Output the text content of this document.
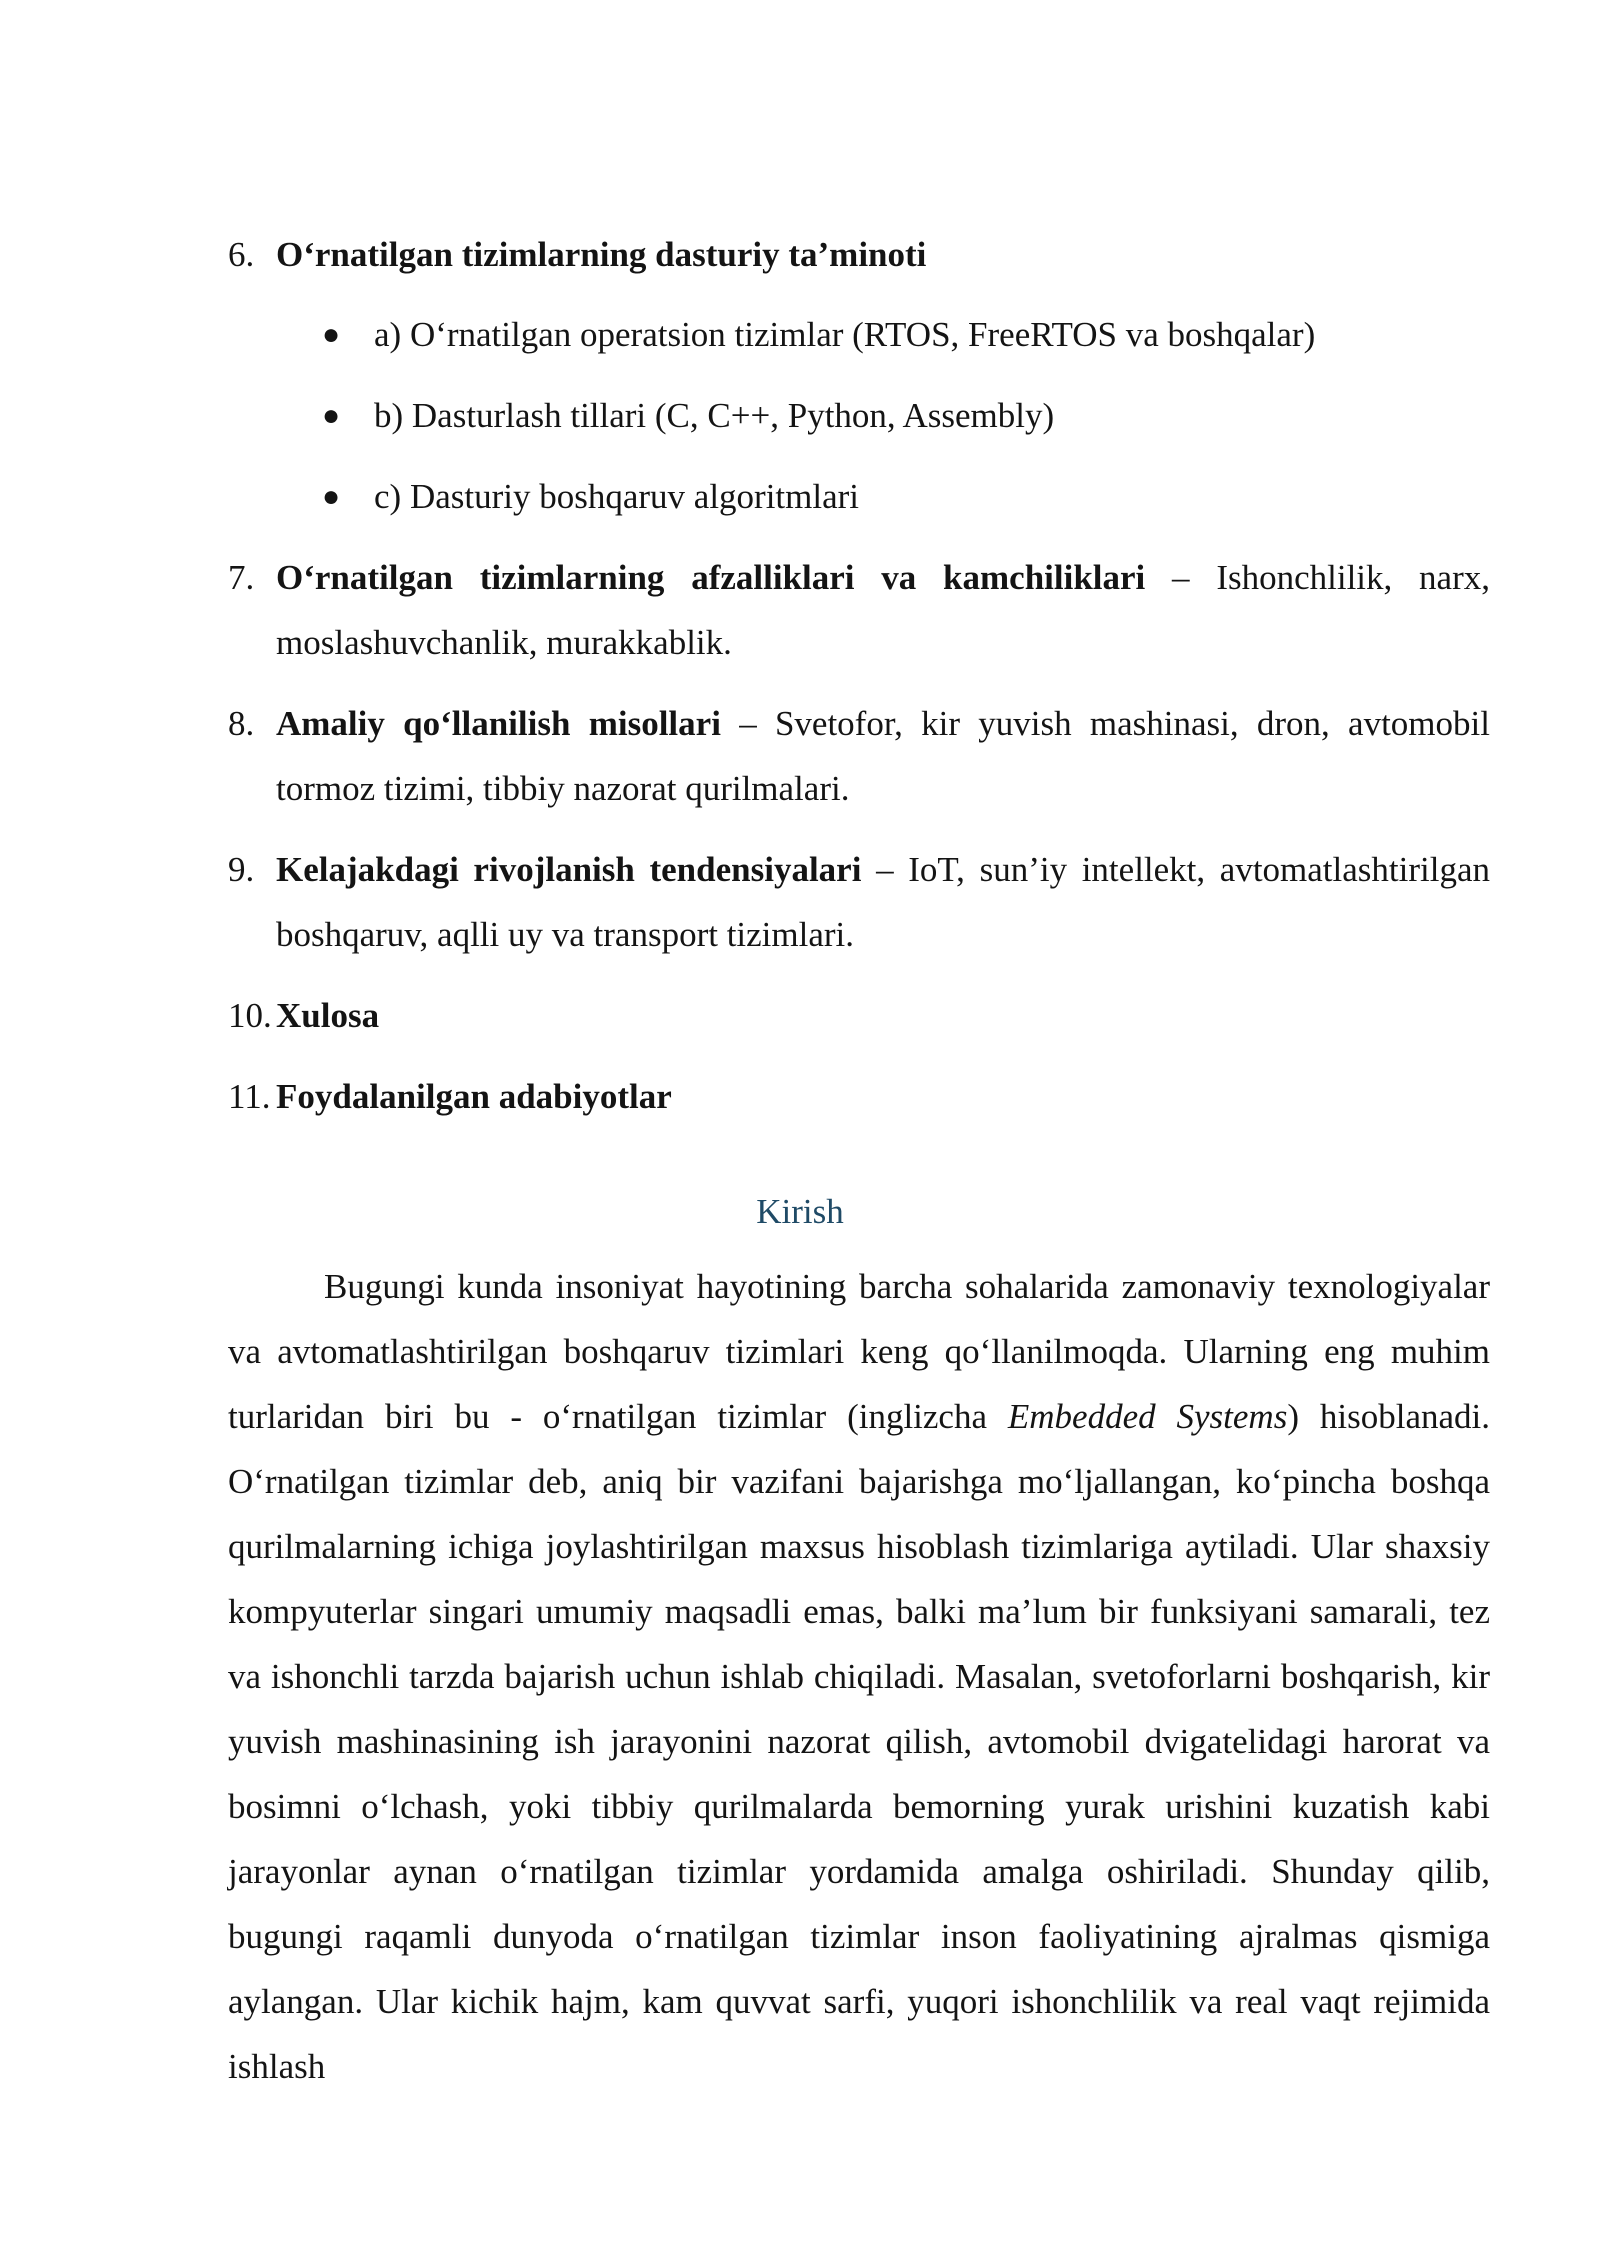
6. O‘rnatilgan tizimlarning dasturiy ta’minoti
● a) O‘rnatilgan operatsion tizimlar (RTOS, FreeRTOS va boshqalar)
● b) Dasturlash tillari (C, C++, Python, Assembly)
● c) Dasturiy boshqaruv algoritmlari
7. O‘rnatilgan tizimlarning afzalliklari va kamchiliklari – Ishonchlilik, narx, moslashuvchanlik, murakkablik.
8. Amaliy qo‘llanilish misollari – Svetofor, kir yuvish mashinasi, dron, avtomobil tormoz tizimi, tibbiy nazorat qurilmalari.
9. Kelajakdagi rivojlanish tendensiyalari – IoT, sun’iy intellekt, avtomatlashtirilgan boshqaruv, aqlli uy va transport tizimlari.
10. Xulosa
11. Foydalanilgan adabiyotlar
Kirish
Bugungi kunda insoniyat hayotining barcha sohalarida zamonaviy texnologiyalar va avtomatlashtirilgan boshqaruv tizimlari keng qo‘llanilmoqda. Ularning eng muhim turlaridan biri bu - o‘rnatilgan tizimlar (inglizcha Embedded Systems) hisoblanadi. O‘rnatilgan tizimlar deb, aniq bir vazifani bajarishga mo‘ljallangan, ko‘pincha boshqa qurilmalarning ichiga joylashtirilgan maxsus hisoblash tizimlariga aytiladi. Ular shaxsiy kompyuterlar singari umumiy maqsadli emas, balki ma’lum bir funksiyani samarali, tez va ishonchli tarzda bajarish uchun ishlab chiqiladi. Masalan, svetoforlarni boshqarish, kir yuvish mashinasining ish jarayonini nazorat qilish, avtomobil dvigatelidagi harorat va bosimni o‘lchash, yoki tibbiy qurilmalarda bemorning yurak urishini kuzatish kabi jarayonlar aynan o‘rnatilgan tizimlar yordamida amalga oshiriladi. Shunday qilib, bugungi raqamli dunyoda o‘rnatilgan tizimlar inson faoliyatining ajralmas qismiga aylangan. Ular kichik hajm, kam quvvat sarfi, yuqori ishonchlilik va real vaqt rejimida ishlash
